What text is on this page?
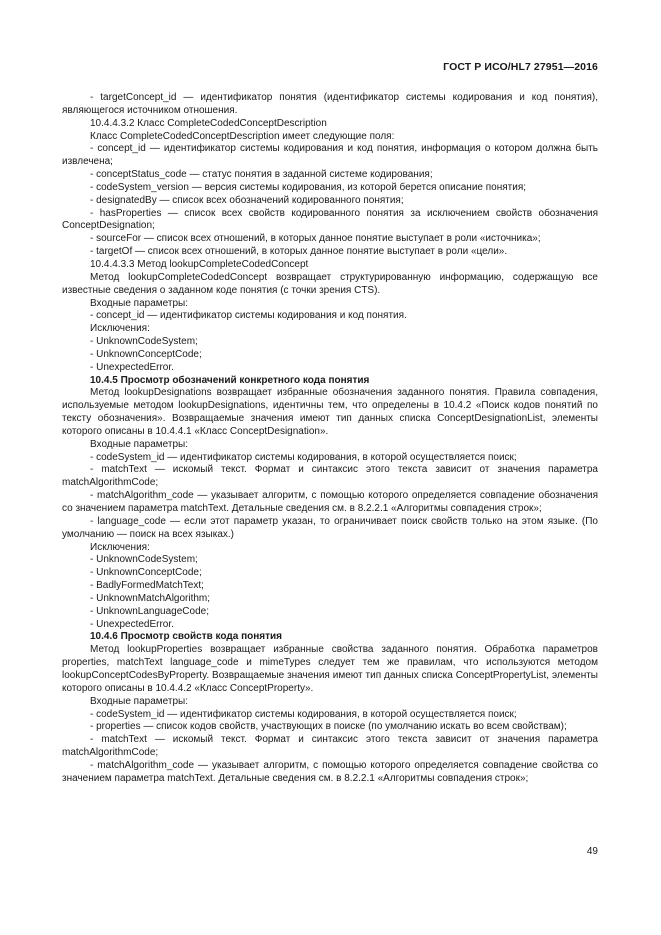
ГОСТ Р ИСО/HL7 27951—2016

- targetConcept_id — идентификатор понятия (идентификатор системы кодирования и код понятия), являющегося источником отношения.

10.4.4.3.2 Класс CompleteCodedConceptDescription

Класс CompleteCodedConceptDescription имеет следующие поля:

- concept_id — идентификатор системы кодирования и код понятия, информация о котором должна быть извлечена;

- conceptStatus_code — статус понятия в заданной системе кодирования;

- codeSystem_version — версия системы кодирования, из которой берется описание понятия;

- designatedBy — список всех обозначений кодированного понятия;

- hasProperties — список всех свойств кодированного понятия за исключением свойств обозначения ConceptDesignation;

- sourceFor — список всех отношений, в которых данное понятие выступает в роли «источника»;

- targetOf — список всех отношений, в которых данное понятие выступает в роли «цели».

10.4.4.3.3 Метод lookupCompleteCodedConcept

Метод lookupCompleteCodedConcept возвращает структурированную информацию, содержащую все известные сведения о заданном коде понятия (с точки зрения CTS).

Входные параметры:

- concept_id — идентификатор системы кодирования и код понятия.

Исключения:

- UnknownCodeSystem;

- UnknownConceptCode;

- UnexpectedError.

10.4.5 Просмотр обозначений конкретного кода понятия

Метод lookupDesignations возвращает избранные обозначения заданного понятия. Правила совпадения, используемые методом lookupDesignations, идентичны тем, что определены в 10.4.2 «Поиск кодов понятий по тексту обозначения». Возвращаемые значения имеют тип данных списка ConceptDesignationList, элементы которого описаны в 10.4.4.1 «Класс ConceptDesignation».

Входные параметры:

- codeSystem_id — идентификатор системы кодирования, в которой осуществляется поиск;

- matchText — искомый текст. Формат и синтаксис этого текста зависит от значения параметра matchAlgorithmCode;

- matchAlgorithm_code — указывает алгоритм, с помощью которого определяется совпадение обозначения со значением параметра matchText. Детальные сведения см. в 8.2.2.1 «Алгоритмы совпадения строк»;

- language_code — если этот параметр указан, то ограничивает поиск свойств только на этом языке. (По умолчанию — поиск на всех языках.)

Исключения:

- UnknownCodeSystem;

- UnknownConceptCode;

- BadlyFormedMatchText;

- UnknownMatchAlgorithm;

- UnknownLanguageCode;

- UnexpectedError.

10.4.6 Просмотр свойств кода понятия

Метод lookupProperties возвращает избранные свойства заданного понятия. Обработка параметров properties, matchText language_code и mimeTypes следует тем же правилам, что используются методом lookupConceptCodesByProperty. Возвращаемые значения имеют тип данных списка ConceptPropertyList, элементы которого описаны в 10.4.4.2 «Класс ConceptProperty».

Входные параметры:

- codeSystem_id — идентификатор системы кодирования, в которой осуществляется поиск;

- properties — список кодов свойств, участвующих в поиске (по умолчанию искать во всем свойствам);

- matchText — искомый текст. Формат и синтаксис этого текста зависит от значения параметра matchAlgorithmCode;

- matchAlgorithm_code — указывает алгоритм, с помощью которого определяется совпадение свойства со значением параметра matchText. Детальные сведения см. в 8.2.2.1 «Алгоритмы совпадения строк»;

49
